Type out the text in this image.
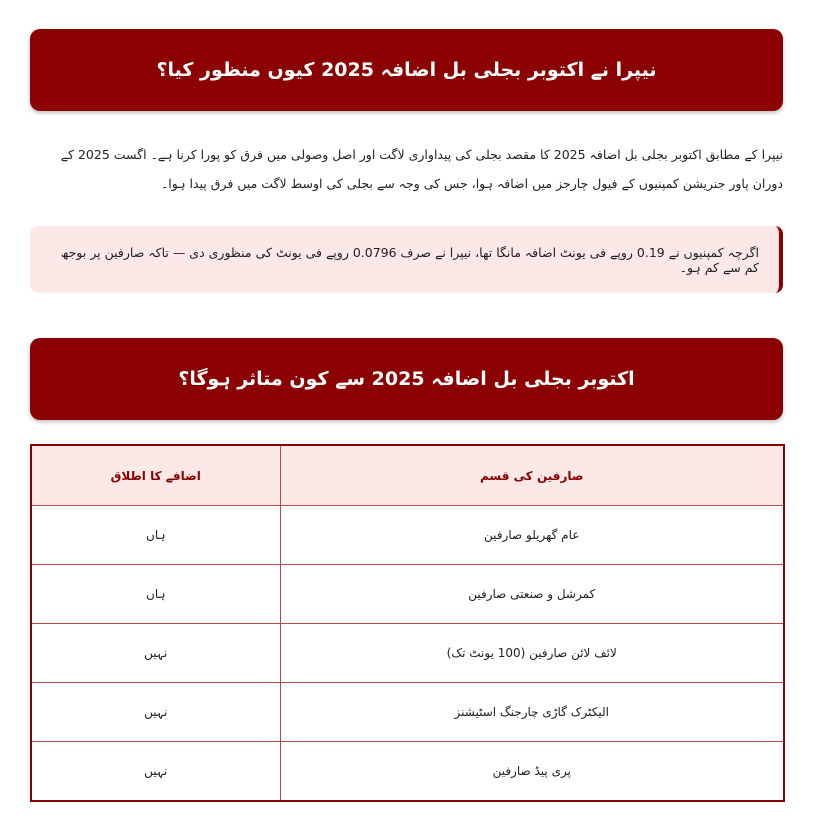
نیپرا نے اکتوبر بجلی بل اضافہ 2025 کیوں منظور کیا؟

نیپرا کے مطابق اکتوبر بجلی بل اضافہ 2025 کا مقصد بجلی کی پیداواری لاگت اور اصل وصولی میں فرق کو پورا کرنا ہے۔ اگست 2025 کے دوران پاور جنریشن کمپنیوں کے فیول چارجز میں اضافہ ہوا، جس کی وجہ سے بجلی کی اوسط لاگت میں فرق پیدا ہوا۔

اگرچہ کمپنیوں نے 0.19 روپے فی یونٹ اضافہ مانگا تھا، نیپرا نے صرف 0.0796 روپے فی یونٹ کی منظوری دی — تاکہ صارفین پر بوجھ کم سے کم ہو۔

اکتوبر بجلی بل اضافہ 2025 سے کون متاثر ہوگا؟
صارفین کی قسم	اضافے کا اطلاق
عام گھریلو صارفین	ہاں
کمرشل و صنعتی صارفین	ہاں
لائف لائن صارفین (100 یونٹ تک)	نہیں
الیکٹرک گاڑی چارجنگ اسٹیشنز	نہیں
پری پیڈ صارفین	نہیں
